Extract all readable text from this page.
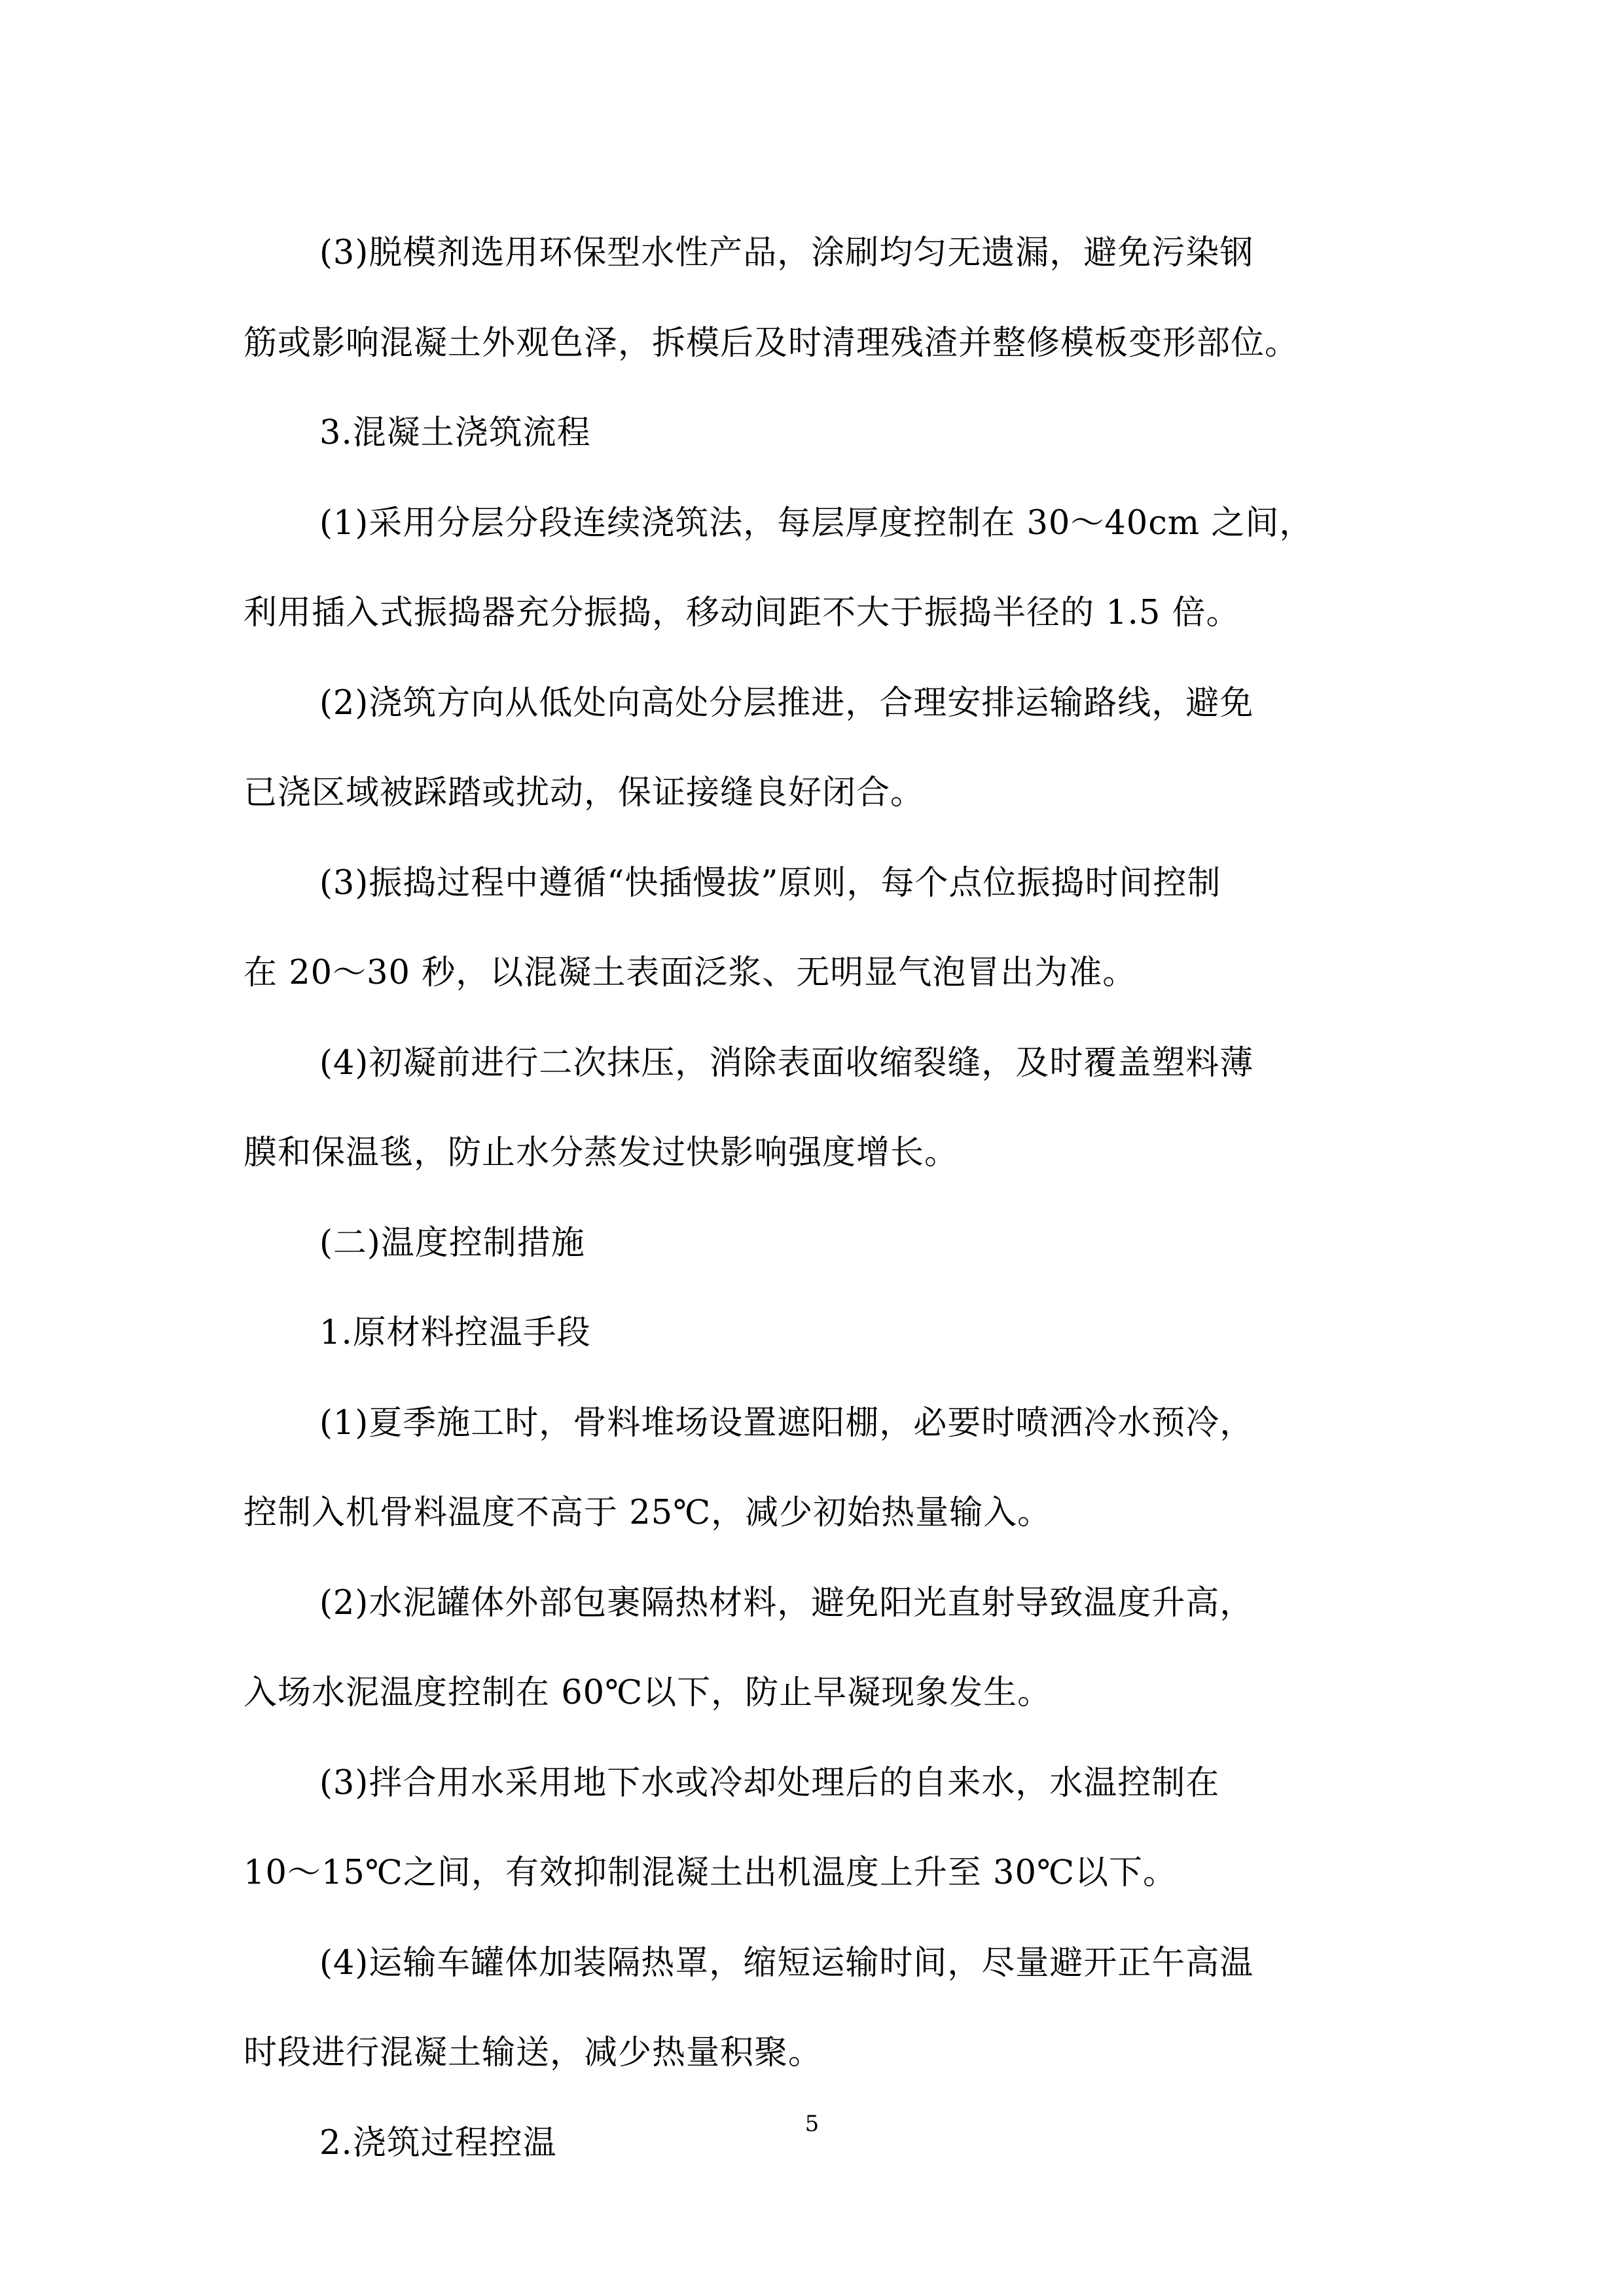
(3)脱模剂选用环保型水性产品，涂刷均匀无遗漏，避免污染钢
筋或影响混凝土外观色泽，拆模后及时清理残渣并整修模板变形部位。

3.混凝土浇筑流程

(1)采用分层分段连续浇筑法，每层厚度控制在 30～40cm 之间，
利用插入式振捣器充分振捣，移动间距不大于振捣半径的 1.5 倍。

(2)浇筑方向从低处向高处分层推进，合理安排运输路线，避免
已浇区域被踩踏或扰动，保证接缝良好闭合。

(3)振捣过程中遵循“快插慢拔”原则，每个点位振捣时间控制
在 20～30 秒，以混凝土表面泛浆、无明显气泡冒出为准。

(4)初凝前进行二次抹压，消除表面收缩裂缝，及时覆盖塑料薄
膜和保温毯，防止水分蒸发过快影响强度增长。

(二)温度控制措施

1.原材料控温手段

(1)夏季施工时，骨料堆场设置遮阳棚，必要时喷洒冷水预冷，
控制入机骨料温度不高于 25℃，减少初始热量输入。

(2)水泥罐体外部包裹隔热材料，避免阳光直射导致温度升高，
入场水泥温度控制在 60℃以下，防止早凝现象发生。

(3)拌合用水采用地下水或冷却处理后的自来水，水温控制在
10～15℃之间，有效抑制混凝土出机温度上升至 30℃以下。

(4)运输车罐体加装隔热罩，缩短运输时间，尽量避开正午高温
时段进行混凝土输送，减少热量积聚。

2.浇筑过程控温	5
